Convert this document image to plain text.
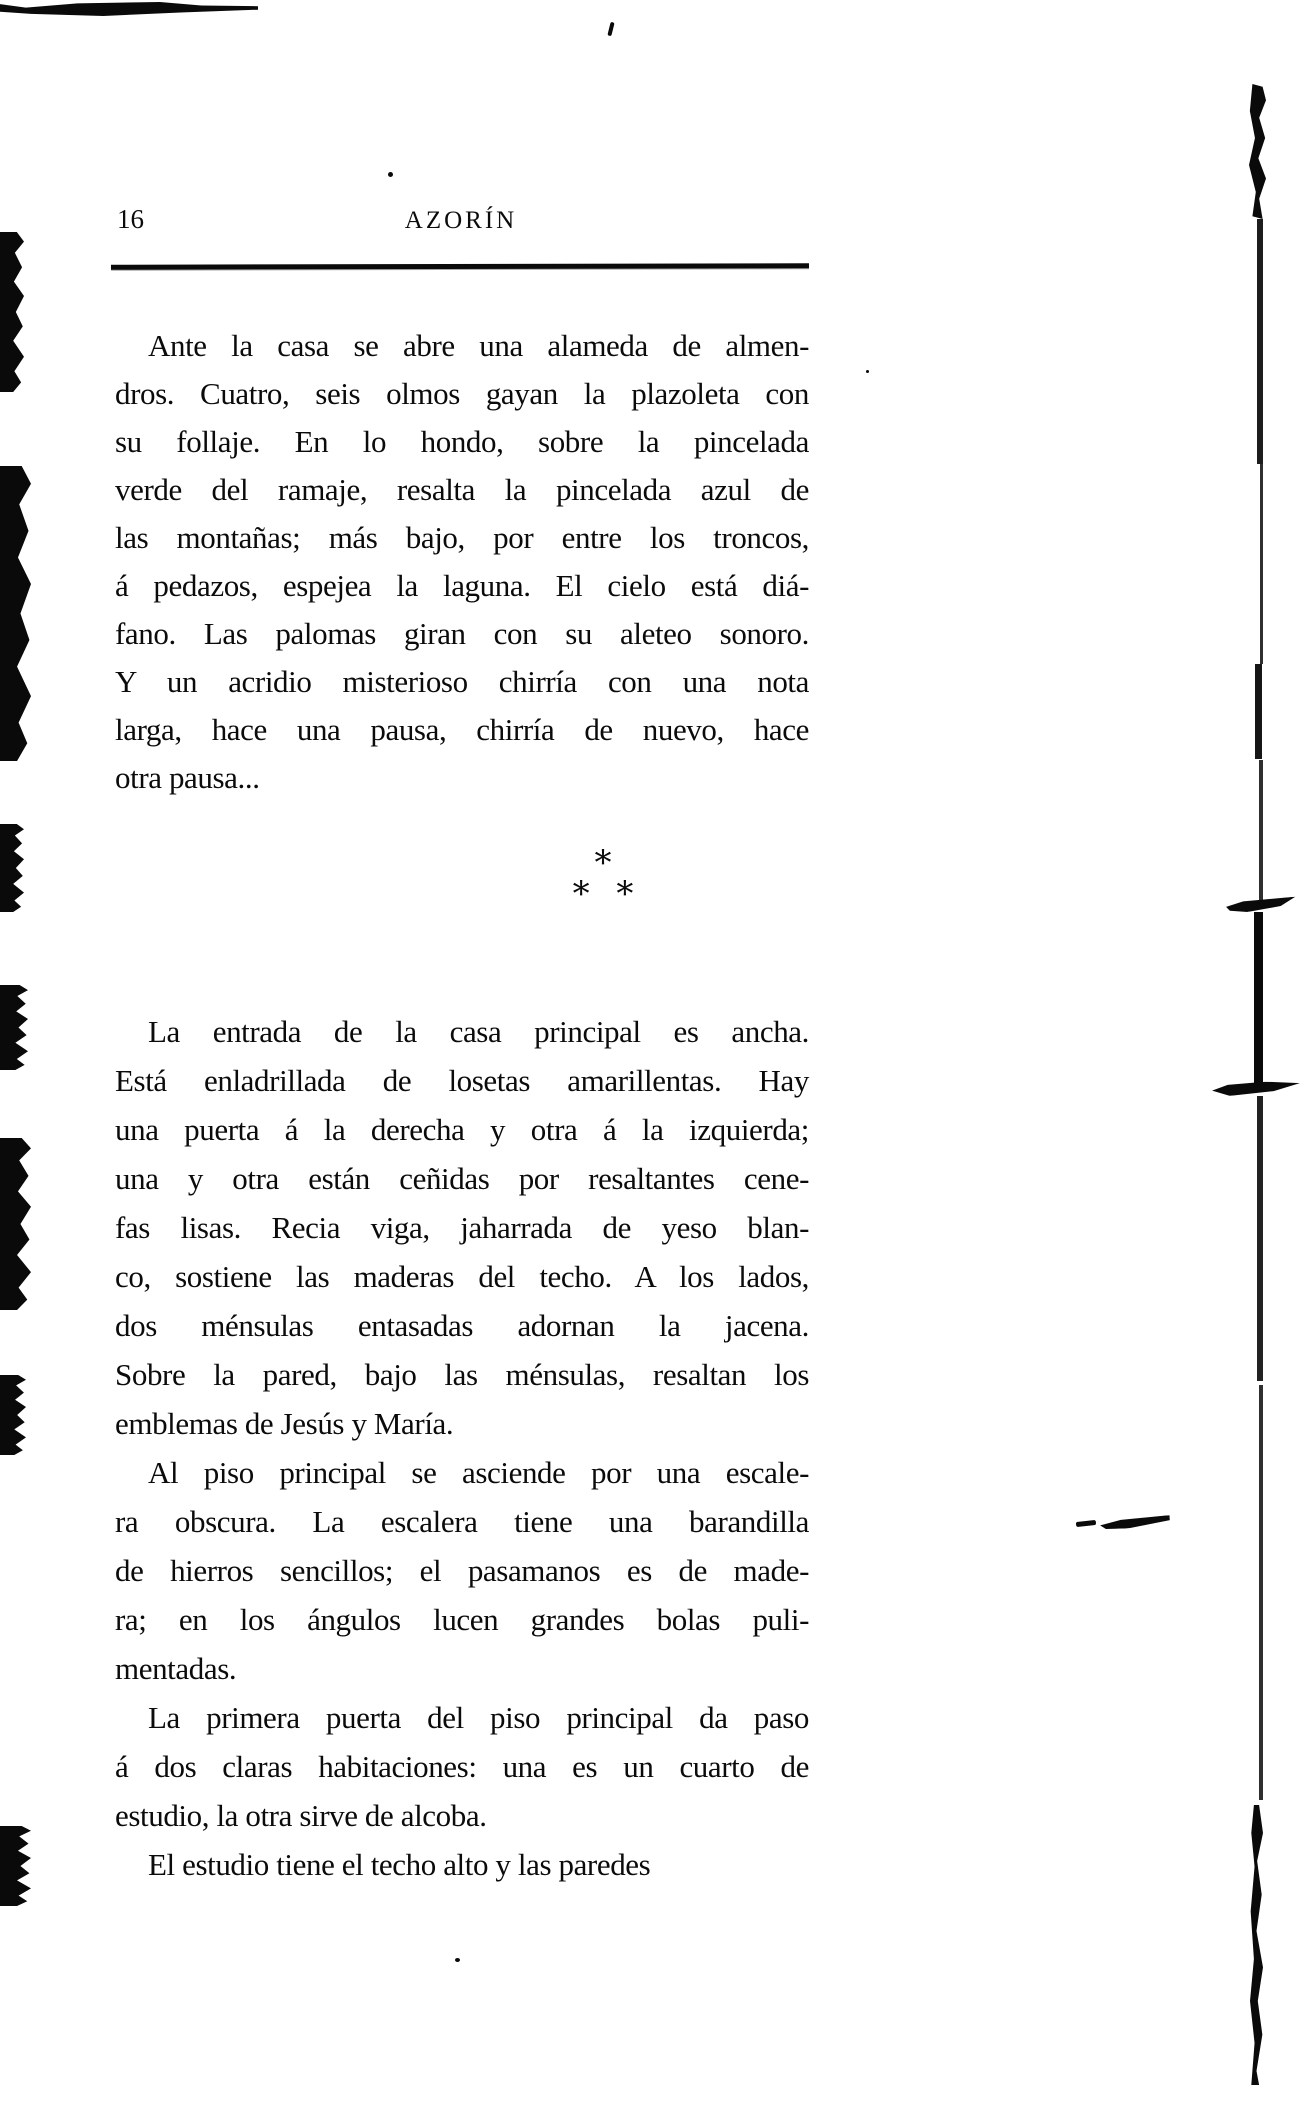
16	AZORÍN
Ante la casa se abre una alameda de almen-
dros. Cuatro, seis olmos gayan la plazoleta con
su follaje. En lo hondo, sobre la pincelada
verde del ramaje, resalta la pincelada azul de
las montañas; más bajo, por entre los troncos,
á pedazos, espejea la laguna. El cielo está diá-
fano. Las palomas giran con su aleteo sonoro.
Y un acridio misterioso chirría con una nota
larga, hace una pausa, chirría de nuevo, hace
otra pausa...
*
* *
La entrada de la casa principal es ancha.
Está enladrillada de losetas amarillentas. Hay
una puerta á la derecha y otra á la izquierda;
una y otra están ceñidas por resaltantes cene-
fas lisas. Recia viga, jaharrada de yeso blan-
co, sostiene las maderas del techo. A los lados,
dos ménsulas entasadas adornan la jacena.
Sobre la pared, bajo las ménsulas, resaltan los
emblemas de Jesús y María.
Al piso principal se asciende por una escale-
ra obscura. La escalera tiene una barandilla
de hierros sencillos; el pasamanos es de made-
ra; en los ángulos lucen grandes bolas puli-
mentadas.
La primera puerta del piso principal da paso
á dos claras habitaciones: una es un cuarto de
estudio, la otra sirve de alcoba.
El estudio tiene el techo alto y las paredes
